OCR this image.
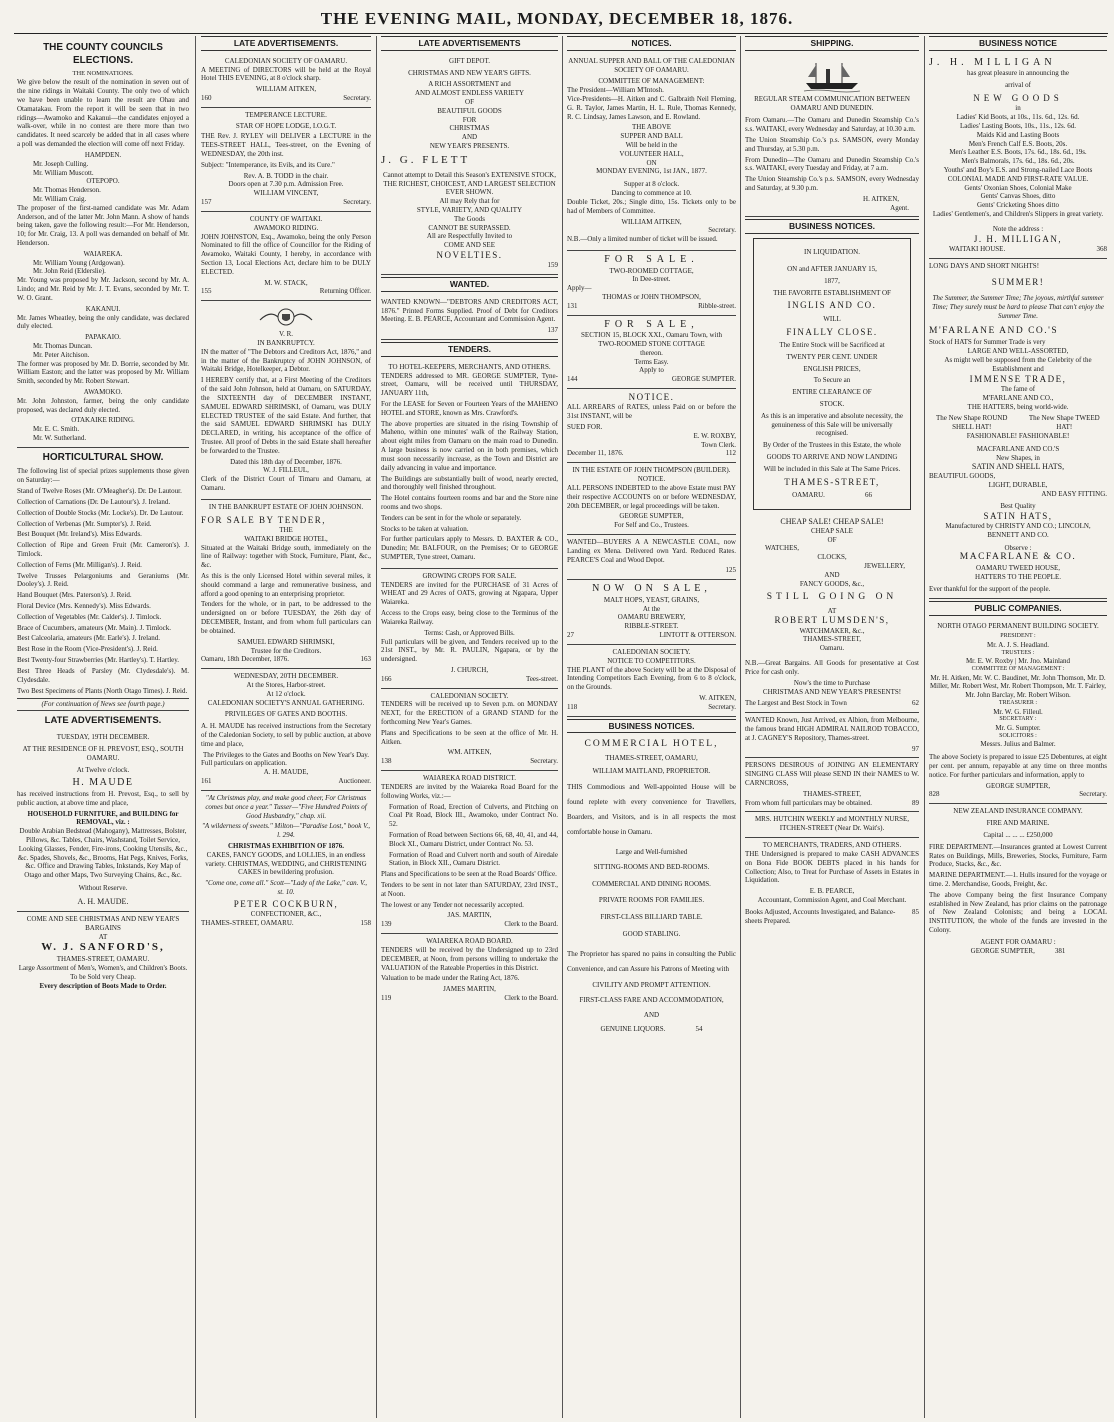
THE EVENING MAIL, MONDAY, DECEMBER 18, 1876.
THE COUNTY COUNCILS ELECTIONS.
THE NOMINATIONS.

We give below the result of the nomination in seven out of the nine ridings in Waitaki County. The only two of which we have been unable to learn the result are Ohau and Otamatakau. From the report it will be seen that in two ridings—Awamoko and Kakanui—the candidates enjoyed a walk-over, while in no contest are there more than two candidates. It need scarcely be added that in all cases where a poll was demanded the election will come off next Friday.

HAMPDEN.
Mr. Joseph Culling.
Mr. William Muscott.
OTEPOPO.
Mr. Thomas Henderson.
Mr. William Craig.

The proposer of the first-named candidate was Mr. Adam Anderson, and of the latter Mr. John Mann. A show of hands being taken, gave the following result:—For Mr. Henderson, 10; for Mr. Craig, 13. A poll was demanded on behalf of Mr. Henderson.

WAIAREKA.
Mr. William Young (Ardgowan).
Mr. John Reid (Elderslie).

Mr. Young was proposed by Mr. Jackson, second by Mr. A. Lindo; and Mr. Reid by Mr. J. T. Evans, seconded by Mr. T. W. O. Grant.

KAKANUI.

Mr. James Wheatley, being the only candidate, was declared duly elected.

PAPAKAIO.
Mr. Thomas Duncan.
Mr. Peter Aitchison.

The former was proposed by Mr. D. Borrie, seconded by Mr. William Easton; and the latter was proposed by Mr. William Smith, seconded by Mr. Robert Stewart.

AWAMOKO.

Mr. John Johnston, farmer, being the only candidate proposed, was declared duly elected.

OTAKAIKE RIDING.
Mr. E. C. Smith.
Mr. W. Sutherland.
HORTICULTURAL SHOW.

The following list of special prizes supplements those given on Saturday:—

Stand of Twelve Roses (Mr. O'Meagher's). Dr. De Lautour.

Collection of Carnations (Dr. De Lautour's). J. Ireland.

Collection of Double Stocks (Mr. Locke's). Dr. De Lautour.

Collection of Verbenas (Mr. Sumpter's). J. Reid.

Best Bouquet (Mr. Ireland's). Miss Edwards.

Collection of Ripe and Green Fruit (Mr. Cameron's). J. Timlock.

Collection of Ferns (Mr. Milligan's). J. Reid.

Twelve Trusses Pelargoniums and Geraniums (Mr. Dooley's). J. Reid.

Hand Bouquet (Mrs. Paterson's). J. Reid.

Floral Device (Mrs. Kennedy's). Miss Edwards.

Collection of Vegetables (Mr. Calder's). J. Timlock.

Brace of Cucumbers, amateurs (Mr. Main). J. Timlock.

Best Calceolaria, amateurs (Mr. Earle's). J. Ireland.

Best Rose in the Room (Vice-President's). J. Reid.

Best Twenty-four Strawberries (Mr. Hartley's). T. Hartley.

Best Three Heads of Parsley (Mr. Clydesdale's). M. Clydesdale.

Two Best Specimens of Plants (North Otago Times). J. Reid.

(For continuation of News see fourth page.)
LATE ADVERTISEMENTS.
TUESDAY, 19TH DECEMBER.
AT THE RESIDENCE OF H. PREVOST, ESQ., SOUTH OAMARU.
At Twelve o'clock.
H. MAUDE

has received instructions from H. Prevost, Esq., to sell by public auction, at above time and place,

HOUSEHOLD FURNITURE, and BUILDING for REMOVAL, viz. :

Double Arabian Bedstead (Mahogany), Mattresses, Bolster, Pillows, &c. Tables, Chairs, Washstand, Toilet Service, Looking Glasses, Fender, Fire-irons, Cooking Utensils, &c., &c. Spades, Shovels, &c., Brooms, Hat Pegs, Knives, Forks, &c. Office and Drawing Tables, Inkstands, Key Map of Otago and other Maps, Two Surveying Chains, &c., &c.

Without Reserve.
A. H. MAUDE.
COME AND SEE CHRISTMAS AND NEW YEAR'S BARGAINS
AT
W. J. SANFORD'S,
THAMES-STREET, OAMARU.
Large Assortment of Men's, Women's, and Children's Boots.
To be Sold very Cheap.
Every description of Boots Made to Order.
LATE ADVERTISEMENTS.
CALEDONIAN SOCIETY OF OAMARU.

A MEETING of DIRECTORS will be held at the Royal Hotel THIS EVENING, at 8 o'clock sharp.

WILLIAM AITKEN,
160	Secretary.
TEMPERANCE LECTURE.
STAR OF HOPE LODGE, I.O.G.T.

THE Rev. J. RYLEY will DELIVER a LECTURE in the TEES-STREET HALL, Tees-street, on the Evening of WEDNESDAY, the 20th inst.

Subject: "Intemperance, its Evils, and its Cure."

Rev. A. B. TODD in the chair.
Doors open at 7.30 p.m. Admission Free.
WILLIAM VINCENT,
157	Secretary.
COUNTY OF WAITAKI.
AWAMOKO RIDING.

JOHN JOHNSTON, Esq., Awamoko, being the only Person Nominated to fill the office of Councillor for the Riding of Awamoko, Waitaki County, I hereby, in accordance with Section 13, Local Elections Act, declare him to be DULY ELECTED.

M. W. STACK,
155	Returning Officer.
V. R.
IN BANKRUPTCY.

IN the matter of "The Debtors and Creditors Act, 1876," and in the matter of the Bankruptcy of JOHN JOHNSON, of Waitaki Bridge, Hotelkeeper, a Debtor.

I HEREBY certify that, at a First Meeting of the Creditors of the said John Johnson, held at Oamaru, on SATURDAY, the SIXTEENTH day of DECEMBER INSTANT, SAMUEL EDWARD SHRIMSKI, of Oamaru, was DULY ELECTED TRUSTEE of the said Estate. And further, that the said SAMUEL EDWARD SHRIMSKI has DULY DECLARED, in writing, his acceptance of the office of Trustee. All proof of Debts in the said Estate shall hereafter be forwarded to the Trustee.

Dated this 18th day of December, 1876.
W. J. FILLEUL,

Clerk of the District Court of Timaru and Oamaru, at Oamaru.

IN THE BANKRUPT ESTATE OF JOHN JOHNSON.
FOR SALE BY TENDER,
THE
WAITAKI BRIDGE HOTEL,

Situated at the Waitaki Bridge south, immediately on the line of Railway: together with Stock, Furniture, Plant, &c., &c.

As this is the only Licensed Hotel within several miles, it should command a large and remunerative business, and afford a good opening to an enterprising proprietor.

Tenders for the whole, or in part, to be addressed to the undersigned on or before TUESDAY, the 26th day of DECEMBER, Instant, and from whom full particulars can be obtained.

SAMUEL EDWARD SHRIMSKI,
Trustee for the Creditors.
Oamaru, 18th December, 1876.	163
WEDNESDAY, 20TH DECEMBER.
At the Stores, Harbor-street.
At 12 o'clock.
CALEDONIAN SOCIETY'S ANNUAL GATHERING.
PRIVILEGES OF GATES AND BOOTHS.

A. H. MAUDE has received instructions from the Secretary of the Caledonian Society, to sell by public auction, at above time and place,

The Privileges to the Gates and Booths on New Year's Day.
Full particulars on application.
A. H. MAUDE,
161	Auctioneer.

"At Christmas play, and make good cheer, For Christmas comes but once a year." Tusser—"Five Hundred Points of Good Husbandry," chap. xii.

"A wilderness of sweets." Milton—"Paradise Lost," book V., l. 294.

CHRISTMAS EXHIBITION OF 1876.

CAKES, FANCY GOODS, and LOLLIES, in an endless variety. CHRISTMAS, WEDDING, and CHRISTENING CAKES in bewildering profusion.

"Come one, come all." Scott—"Lady of the Lake," can. V., st. 10.

PETER COCKBURN,
CONFECTIONER, &C.,
THAMES-STREET, OAMARU.	158
LATE ADVERTISEMENTS
GIFT DEPOT.
CHRISTMAS AND NEW YEAR'S GIFTS.
A RICH ASSORTMENT and
AND ALMOST ENDLESS VARIETY
OF
BEAUTIFUL GOODS
FOR
CHRISTMAS
AND
NEW YEAR'S PRESENTS.
J. G. FLETT
Cannot attempt to Detail this Season's EXTENSIVE STOCK,
THE RICHEST, CHOICEST, AND LARGEST SELECTION EVER SHOWN.
All may Rely that for
STYLE, VARIETY, AND QUALITY
The Goods
CANNOT BE SURPASSED.
All are Respectfully Invited to
COME AND SEE
NOVELTIES.
159
WANTED.

WANTED KNOWN—"DEBTORS AND CREDITORS ACT, 1876." Printed Forms Supplied. Proof of Debt for Creditors Meeting. E. B. PEARCE, Accountant and Commission Agent.

137
TENDERS.
TO HOTEL-KEEPERS, MERCHANTS, AND OTHERS.

TENDERS addressed to MR. GEORGE SUMPTER, Tyne-street, Oamaru, will be received until THURSDAY, JANUARY 11th,

For the LEASE for Seven or Fourteen Years of the MAHENO HOTEL and STORE, known as Mrs. Crawford's.

The above properties are situated in the rising Township of Maheno, within one minutes' walk of the Railway Station, about eight miles from Oamaru on the main road to Dunedin. A large business is now carried on in both premises, which must soon necessarily increase, as the Town and District are daily advancing in value and importance.

The Buildings are substantially built of wood, nearly erected, and thoroughly well finished throughout.

The Hotel contains fourteen rooms and bar and the Store nine rooms and two shops.

Tenders can be sent in for the whole or separately.

Stocks to be taken at valuation.

For further particulars apply to Messrs. D. BAXTER & CO., Dunedin; Mr. BALFOUR, on the Premises; Or to GEORGE SUMPTER, Tyne street, Oamaru.

GROWING CROPS FOR SALE.

TENDERS are invited for the PURCHASE of 31 Acres of WHEAT and 29 Acres of OATS, growing at Ngapara, Upper Waiareka.

Access to the Crops easy, being close to the Terminus of the Waiareka Railway.

Terms: Cash, or Approved Bills.

Full particulars will be given, and Tenders received up to the 21st INST., by Mr. R. PAULIN, Ngapara, or by the undersigned.

J. CHURCH,
166	Tees-street.
CALEDONIAN SOCIETY.

TENDERS will be received up to Seven p.m. on MONDAY NEXT, for the ERECTION of a GRAND STAND for the forthcoming New Year's Games.

Plans and Specifications to be seen at the office of Mr. H. Aitken.

WM. AITKEN,
138	Secretary.
WAIAREKA ROAD DISTRICT.

TENDERS are invited by the Waiareka Road Board for the following Works, viz.:—

Formation of Road, Erection of Culverts, and Pitching on Coal Pit Road, Block III., Awamoko, under Contract No. 52.

Formation of Road between Sections 66, 68, 40, 41, and 44, Block XI., Oamaru District, under Contract No. 53.

Formation of Road and Culvert north and south of Airedale Station, in Block XII., Oamaru District.

Plans and Specifications to be seen at the Road Boards' Office.

Tenders to be sent in not later than SATURDAY, 23rd INST., at Noon.

The lowest or any Tender not necessarily accepted.

JAS. MARTIN,
139	Clerk to the Board.
WAIAREKA ROAD BOARD.

TENDERS will be received by the Undersigned up to 23rd DECEMBER, at Noon, from persons willing to undertake the VALUATION of the Rateable Properties in this District.

Valuation to be made under the Rating Act, 1876.

JAMES MARTIN,
119	Clerk to the Board.
NOTICES.
ANNUAL SUPPER AND BALL OF THE CALEDONIAN SOCIETY OF OAMARU.
COMMITTEE OF MANAGEMENT:
The President—William M'Intosh.

Vice-Presidents—H. Aitken and C. Galbraith Neil Fleming, G. R. Taylor, James Martin, H. L. Rule, Thomas Kennedy, R. C. Lindsay, James Lawson, and E. Rowland.

THE ABOVE
SUPPER AND BALL
Will be held in the
VOLUNTEER HALL,
ON
MONDAY EVENING, 1st JAN., 1877.
Supper at 8 o'clock.
Dancing to commence at 10.

Double Ticket, 20s.; Single ditto, 15s. Tickets only to be had of Members of Committee.

WILLIAM AITKEN,
Secretary.

N.B.—Only a limited number of ticket will be issued.

FOR SALE.
TWO-ROOMED COTTAGE,
In Dee-street.
Apply—
THOMAS or JOHN THOMPSON,
131	Ribble-street.
FOR SALE,
SECTION 15, BLOCK XXI., Oamaru Town, with
TWO-ROOMED STONE COTTAGE
thereon.
Terms Easy.
Apply to
144	GEORGE SUMPTER.
NOTICE.

ALL ARREARS of RATES, unless Paid on or before the 31st INSTANT, will be

SUED FOR.
E. W. ROXBY,
Town Clerk.
December 11, 1876.	112
IN THE ESTATE OF JOHN THOMPSON (BUILDER).
NOTICE.

ALL PERSONS INDEBTED to the above Estate must PAY their respective ACCOUNTS on or before WEDNESDAY, 20th DECEMBER, or legal proceedings will be taken.

GEORGE SUMPTER,
For Self and Co., Trustees.

WANTED—BUYERS A A NEWCASTLE COAL, now Landing ex Mena. Delivered own Yard. Reduced Rates. PEARCE'S Coal and Wood Depot.

125
NOW ON SALE,
MALT HOPS, YEAST, GRAINS,
At the
OAMARU BREWERY,
RIBBLE-STREET.
27	LINTOTT & OTTERSON.
CALEDONIAN SOCIETY.
NOTICE TO COMPETITORS.

THE PLANT of the above Society will be at the Disposal of Intending Competitors Each Evening, from 6 to 8 o'clock, on the Grounds.

W. AITKEN,
118	Secretary.
BUSINESS NOTICES.
COMMERCIAL HOTEL,
THAMES-STREET, OAMARU,
WILLIAM MAITLAND, PROPRIETOR.

THIS Commodious and Well-appointed House will be found replete with every convenience for Travellers, Boarders, and Visitors, and is in all respects the most comfortable house in Oamaru.

Large and Well-furnished
SITTING-ROOMS AND BED-ROOMS.
COMMERCIAL AND DINING ROOMS.
PRIVATE ROOMS FOR FAMILIES.
FIRST-CLASS BILLIARD TABLE.
GOOD STABLING.

The Proprietor has spared no pains in consulting the Public Convenience, and can Assure his Patrons of Meeting with

CIVILITY AND PROMPT ATTENTION.
FIRST-CLASS FARE AND ACCOMMODATION,
AND
GENUINE LIQUORS.	54
SHIPPING.
REGULAR STEAM COMMUNICATION BETWEEN OAMARU AND DUNEDIN.

From Oamaru.—The Oamaru and Dunedin Steamship Co.'s s.s. WAITAKI, every Wednesday and Saturday, at 10.30 a.m.

The Union Steamship Co.'s p.s. SAMSON, every Monday and Thursday, at 5.30 p.m.

From Dunedin—The Oamaru and Dunedin Steamship Co.'s s.s. WAITAKI, every Tuesday and Friday, at 7 a.m.

The Union Steamship Co.'s p.s. SAMSON, every Wednesday and Saturday, at 9.30 p.m.

H. AITKEN,
Agent.
BUSINESS NOTICES.
IN LIQUIDATION.
ON and AFTER JANUARY 15,
1877,
THE FAVORITE ESTABLISHMENT OF
INGLIS AND CO.
WILL
FINALLY CLOSE.
The Entire Stock will be Sacrificed at
TWENTY PER CENT. UNDER
ENGLISH PRICES,
To Secure an
ENTIRE CLEARANCE OF
STOCK.
As this is an imperative and absolute necessity, the genuineness of this Sale will be universally recognised.
By Order of the Trustees in this Estate, the whole
GOODS TO ARRIVE AND NOW LANDING
Will be included in this Sale at The Same Prices.
THAMES-STREET,
OAMARU.	66
CHEAP SALE! CHEAP SALE!
CHEAP SALE
OF
WATCHES,
CLOCKS,
JEWELLERY,
AND
FANCY GOODS, &c.,
STILL GOING ON
AT
ROBERT LUMSDEN'S,
WATCHMAKER, &c.,
THAMES-STREET,
Oamaru.

N.B.—Great Bargains. All Goods for presentative at Cost Price for cash only.

Now's the time to Purchase
CHRISTMAS AND NEW YEAR'S PRESENTS!
The Largest and Best Stock in Town	62

WANTED Known, Just Arrived, ex Albion, from Melbourne, the famous brand HIGH ADMIRAL NAILROD TOBACCO, at J. CAGNEY'S Repository, Thames-street.

97

PERSONS DESIROUS of JOINING AN ELEMENTARY SINGING CLASS Will please SEND IN their NAMES to W. CARNCROSS,

THAMES-STREET,
From whom full particulars may be obtained.	89
MRS. HUTCHIN WEEKLY and MONTHLY NURSE, ITCHEN-STREET (Near Dr. Wait's).
TO MERCHANTS, TRADERS, AND OTHERS.

THE Undersigned is prepared to make CASH ADVANCES on Bona Fide BOOK DEBTS placed in his hands for Collection; Also, to Treat for Purchase of Assets in Estates in Liquidation.

E. B. PEARCE,
Accountant, Commission Agent, and Coal Merchant.
Books Adjusted, Accounts Investigated, and Balance-sheets Prepared.
85
BUSINESS NOTICE
J. H. MILLIGAN
has great pleasure in announcing the
arrival of
NEW GOODS
in
Ladies' Kid Boots, at 10s., 11s. 6d., 12s. 6d.
Ladies' Lasting Boots, 10s., 11s., 12s. 6d.
Maids Kid and Lasting Boots
Men's French Calf E.S. Boots, 20s.
Men's Leather E.S. Boots, 17s. 6d., 18s. 6d., 19s.
Men's Balmorals, 17s. 6d., 18s. 6d., 20s.
Youths' and Boy's E.S. and Strong-nailed Lace Boots
COLONIAL MADE AND FIRST-RATE VALUE.
Gents' Oxonian Shoes, Colonial Make
Gents' Canvas Shoes, ditto
Gents' Cricketing Shoes ditto
Ladies' Gentlemen's, and Children's Slippers in great variety.
Note the address :
J. H. MILLIGAN,
WAITAKI HOUSE.	368
LONG DAYS AND SHORT NIGHTS!
SUMMER!
The Summer, the Summer Time; The joyous, mirthful summer Time; They surely must be hard to please That can't enjoy the Summer Time.
M'FARLANE AND CO.'S
Stock of HATS for Summer Trade is very
LARGE AND WELL-ASSORTED,
As might well be supposed from the Celebrity of the Establishment and
IMMENSE TRADE,
The fame of
M'FARLANE AND CO.,
THE HATTERS, being world-wide.
The New Shape ROUND SHELL HAT!
The New Shape TWEED HAT!
FASHIONABLE! FASHIONABLE!
MACFARLANE AND CO.'S
New Shapes, in
SATIN AND SHELL HATS,
BEAUTIFUL GOODS,
LIGHT, DURABLE,
AND EASY FITTING.
Best Quality
SATIN HATS,
Manufactured by CHRISTY AND CO.; LINCOLN, BENNETT AND CO.
Observe :
MACFARLANE & CO.
OAMARU TWEED HOUSE,
HATTERS TO THE PEOPLE.
Ever thankful for the support of the people.
PUBLIC COMPANIES.
NORTH OTAGO PERMANENT BUILDING SOCIETY.
PRESIDENT :
Mr. A. J. S. Headland.
TRUSTEES :
Mr. E. W. Roxby | Mr. Jno. Mainland
COMMITTEE OF MANAGEMENT :
Mr. H. Aitken, Mr. W. C. Baudinet, Mr. John Thomson, Mr. D. Miller, Mr. Robert West, Mr. Robert Thompson, Mr. T. Fairley, Mr. John Barclay, Mr. Robert Wilson.
TREASURER :
Mr. W. G. Filleul.
SECRETARY :
Mr. G. Sumpter.
SOLICITORS :
Messrs. Julius and Balmer.

The above Society is prepared to issue £25 Debentures, at eight per cent. per annum, repayable at any time on three months notice. For further particulars and information, apply to

GEORGE SUMPTER,
828	Secretary.
NEW ZEALAND INSURANCE COMPANY.
FIRE AND MARINE.
Capital ... ... ... £250,000

FIRE DEPARTMENT.—Insurances granted at Lowest Current Rates on Buildings, Mills, Breweries, Stocks, Furniture, Farm Produce, Stacks, &c., &c.

MARINE DEPARTMENT.—1. Hulls insured for the voyage or time. 2. Merchandise, Goods, Freight, &c.

The above Company being the first Insurance Company established in New Zealand, has prior claims on the patronage of New Zealand Colonists; and being a LOCAL INSTITUTION, the whole of the funds are invested in the Colony.

AGENT FOR OAMARU :
GEORGE SUMPTER,	381
